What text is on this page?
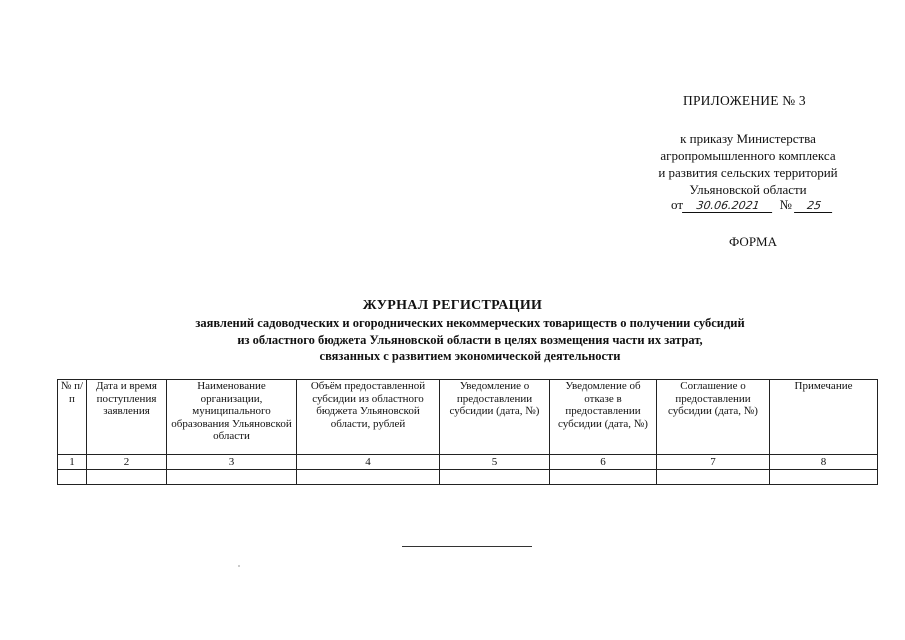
ПРИЛОЖЕНИЕ № 3
к приказу Министерства
агропромышленного комплекса
и развития сельских территорий
Ульяновской области
от 30.06.2021 № 25
ФОРМА
ЖУРНАЛ РЕГИСТРАЦИИ
заявлений садоводческих и огороднических некоммерческих товариществ о получении субсидий
из областного бюджета Ульяновской области в целях возмещения части их затрат,
связанных с развитием экономической деятельности
№ п/п	Дата и время поступления заявления	Наименование организации, муниципального образования Ульяновской области	Объём предоставленной субсидии из областного бюджета Ульяновской области, рублей	Уведомление о предоставлении субсидии (дата, №)	Уведомление об отказе в предоставлении субсидии (дата, №)	Соглашение о предоставлении субсидии (дата, №)	Примечание
1	2	3	4	5	6	7	8
